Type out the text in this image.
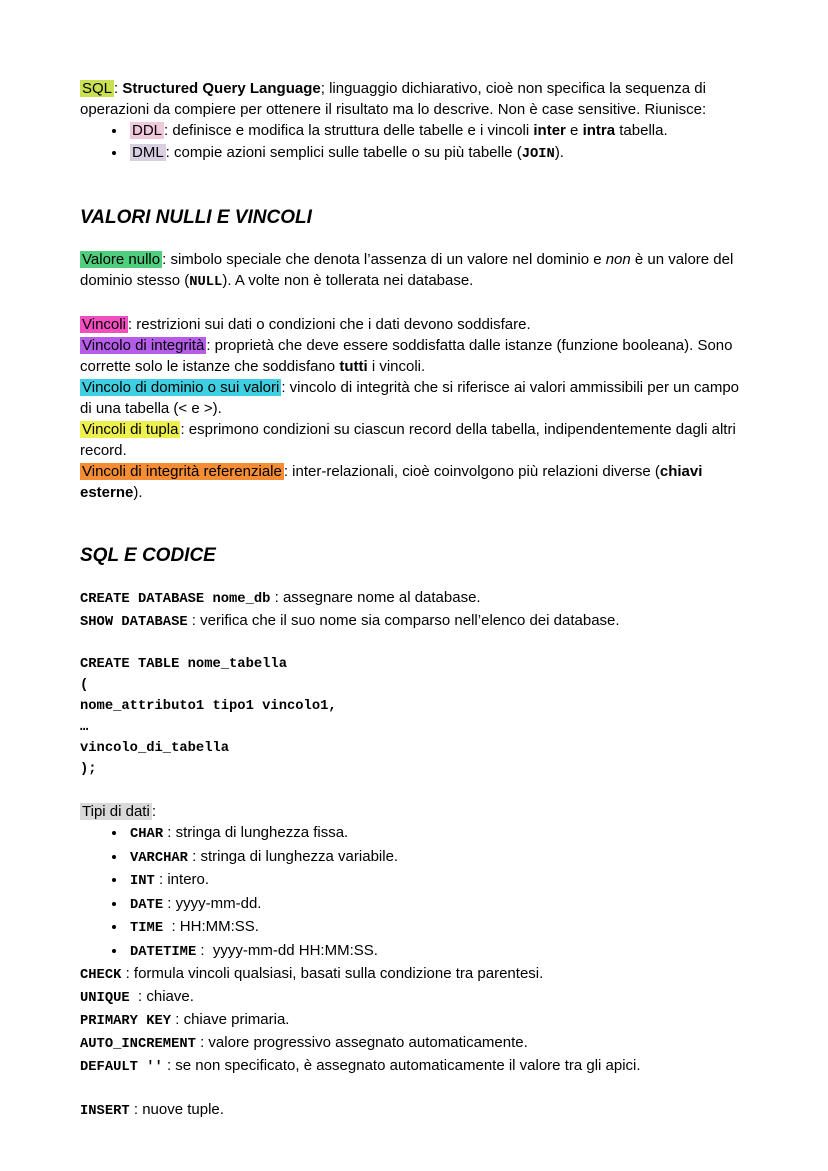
SQL : Structured Query Language; linguaggio dichiarativo, cioè non specifica la sequenza di operazioni da compiere per ottenere il risultato ma lo descrive. Non è case sensitive. Riunisce:

• DDL : definisce e modifica la struttura delle tabelle e i vincoli inter e intra tabella.
• DML : compie azioni semplici sulle tabelle o su più tabelle (JOIN).
VALORI NULLI E VINCOLI

Valore nullo : simbolo speciale che denota l’assenza di un valore nel dominio e non è un valore del dominio stesso (NULL). A volte non è tollerata nei database.

Vincoli : restrizioni sui dati o condizioni che i dati devono soddisfare.

Vincolo di integrità : proprietà che deve essere soddisfatta dalle istanze (funzione booleana). Sono corrette solo le istanze che soddisfano tutti i vincoli.

Vincolo di dominio o sui valori : vincolo di integrità che si riferisce ai valori ammissibili per un campo di una tabella (< e >).

Vincoli di tupla : esprimono condizioni su ciascun record della tabella, indipendentemente dagli altri record.

Vincoli di integrità referenziale : inter-relazionali, cioè coinvolgono più relazioni diverse (chiavi esterne).

SQL E CODICE

CREATE DATABASE nome_db : assegnare nome al database.

SHOW DATABASE : verifica che il suo nome sia comparso nell’elenco dei database.

CREATE TABLE nome_tabella
(
nome_attributo1 tipo1 vincolo1,
…
vincolo_di_tabella
);

Tipi di dati :

• CHAR : stringa di lunghezza fissa.
• VARCHAR : stringa di lunghezza variabile.
• INT : intero.
• DATE : yyyy-mm-dd.
• TIME  : HH:MM:SS.
• DATETIME :  yyyy-mm-dd HH:MM:SS.

CHECK : formula vincoli qualsiasi, basati sulla condizione tra parentesi.

UNIQUE  : chiave.

PRIMARY KEY : chiave primaria.

AUTO_INCREMENT : valore progressivo assegnato automaticamente.

DEFAULT '' : se non specificato, è assegnato automaticamente il valore tra gli apici.

INSERT : nuove tuple.
